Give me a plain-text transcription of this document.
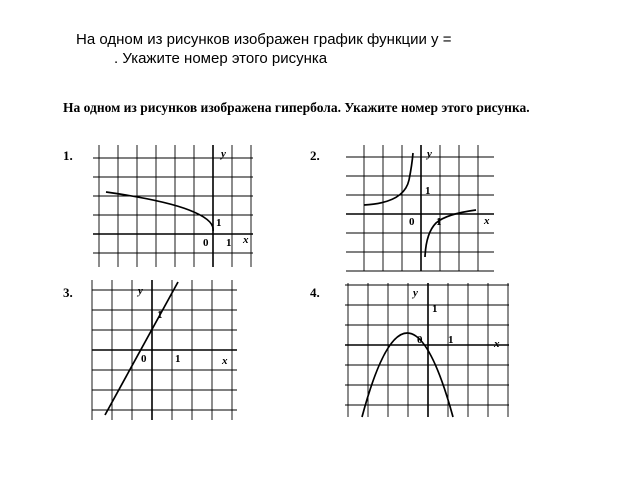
На одном из рисунков изображен график функции y =
. Укажите номер этого рисунка
На одном из рисунков изображена гипербола. Укажите номер этого рисунка.
1.	y
x
0 1
1
2.	y
x
0 1
1
3.	y
x
0	1
1
4.	y
x
0 1
1
